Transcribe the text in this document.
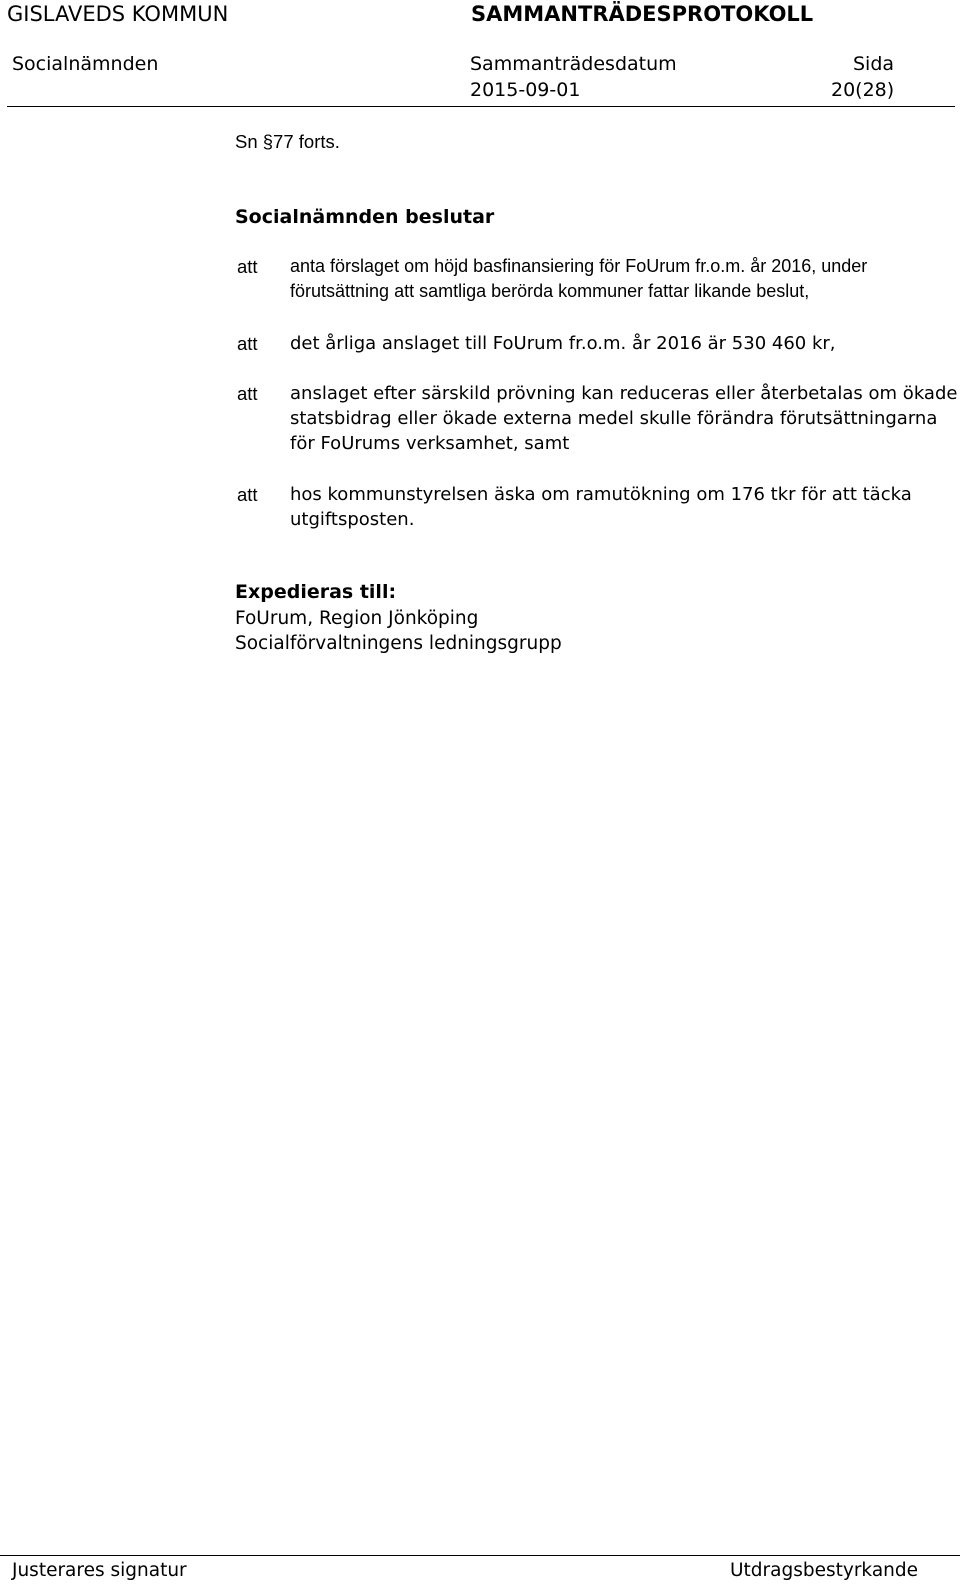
GISLAVEDS KOMMUN	SAMMANTRÄDESPROTOKOLL
Socialnämnden	Sammanträdesdatum
2015-09-01
Sida
20(28)
Sn §77 forts.
Socialnämnden beslutar
att anta förslaget om höjd basfinansiering för FoUrum fr.o.m. år 2016, under
förutsättning att samtliga berörda kommuner fattar likande beslut,
att det årliga anslaget till FoUrum fr.o.m. år 2016 är 530 460 kr,
att anslaget efter särskild prövning kan reduceras eller återbetalas om ökade
statsbidrag eller ökade externa medel skulle förändra förutsättningarna
för FoUrums verksamhet, samt
att hos kommunstyrelsen äska om ramutökning om 176 tkr för att täcka
utgiftsposten.
Expedieras till:
FoUrum, Region Jönköping
Socialförvaltningens ledningsgrupp
Justerares signatur	Utdragsbestyrkande
